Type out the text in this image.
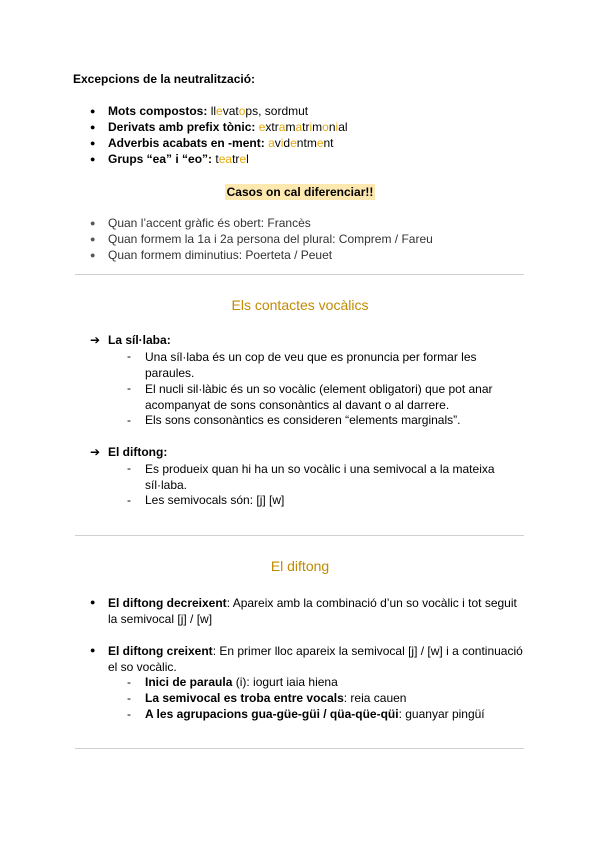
Excepcions de la neutralització:
● Mots compostos: llevatops, sordmut
● Derivats amb prefix tònic: extramatrimonial
● Adverbis acabats en -ment: avidentment
● Grups “ea” i “eo”: teatrel
Casos on cal diferenciar!!
● Quan l’accent gràfic és obert: Francès
● Quan formem la 1a i 2a persona del plural: Comprem / Fareu
● Quan formem diminutius: Poerteta / Peuet
Els contactes vocàlics
➔ La síl·laba:
- Una síl·laba és un cop de veu que es pronuncia per formar les paraules.
- El nucli sil·làbic és un so vocàlic (element obligatori) que pot anar acompanyat de sons consonàntics al davant o al darrere.
- Els sons consonàntics es consideren “elements marginals”.
➔ El diftong:
- Es produeix quan hi ha un so vocàlic i una semivocal a la mateixa síl·laba.
- Les semivocals són: [j] [w]
El diftong
● El diftong decreixent: Apareix amb la combinació d’un so vocàlic i tot seguit la semivocal [j] / [w]
● El diftong creixent: En primer lloc apareix la semivocal [j] / [w] i a continuació el so vocàlic.
- Inici de paraula (i): iogurt iaia hiena
- La semivocal es troba entre vocals: reia cauen
- A les agrupacions gua-güe-güi / qüa-qüe-qüi: guanyar pingüí
